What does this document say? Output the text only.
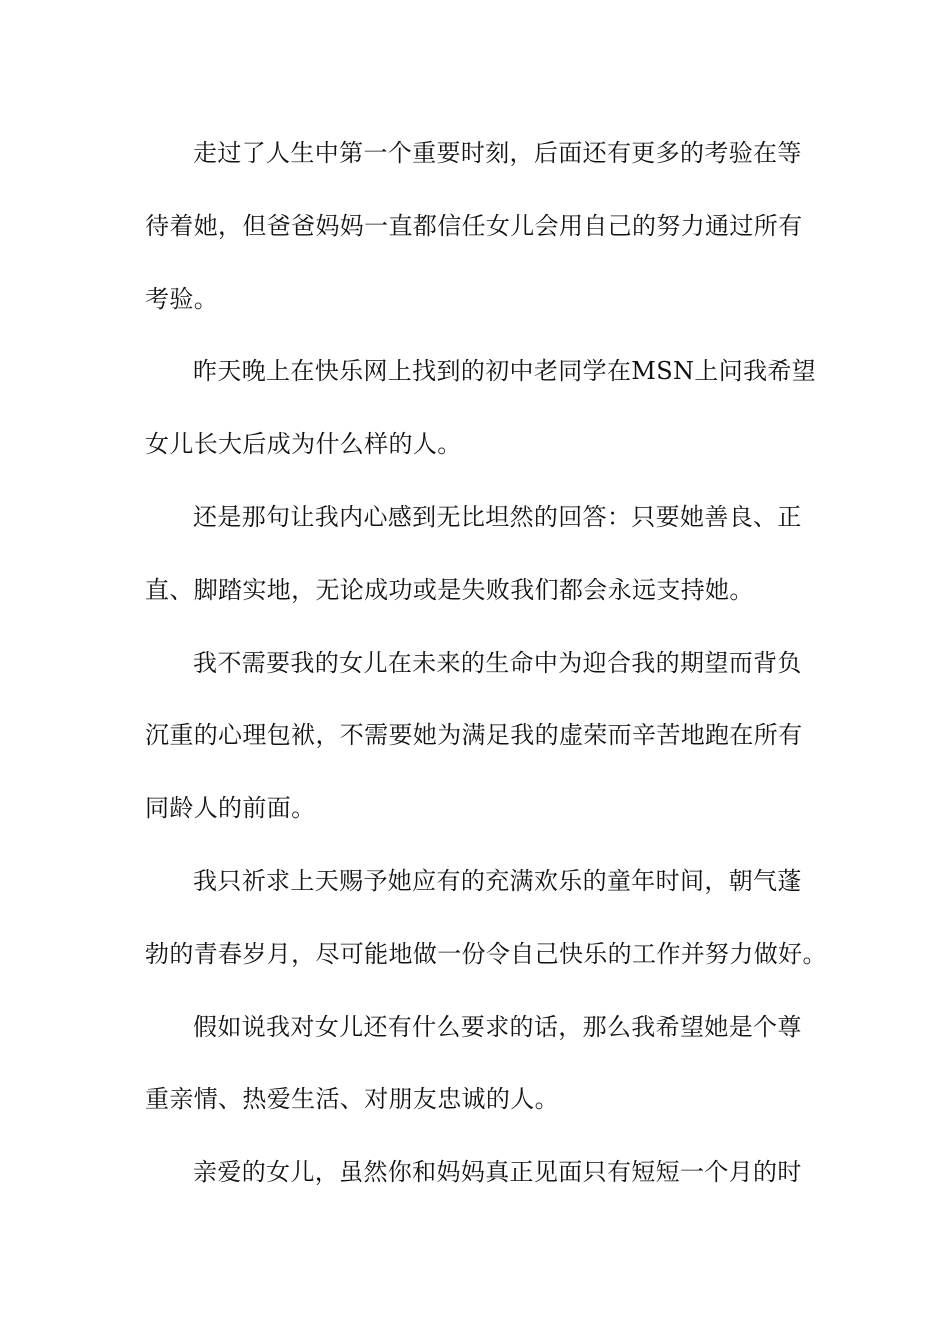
走过了人生中第一个重要时刻，后面还有更多的考验在等
待着她，但爸爸妈妈一直都信任女儿会用自己的努力通过所有
考验。
昨天晚上在快乐网上找到的初中老同学在MSN上问我希望
女儿长大后成为什么样的人。
还是那句让我内心感到无比坦然的回答：只要她善良、正
直、脚踏实地，无论成功或是失败我们都会永远支持她。
我不需要我的女儿在未来的生命中为迎合我的期望而背负
沉重的心理包袱，不需要她为满足我的虚荣而辛苦地跑在所有
同龄人的前面。
我只祈求上天赐予她应有的充满欢乐的童年时间，朝气蓬
勃的青春岁月，尽可能地做一份令自己快乐的工作并努力做好。
假如说我对女儿还有什么要求的话，那么我希望她是个尊
重亲情、热爱生活、对朋友忠诚的人。
亲爱的女儿，虽然你和妈妈真正见面只有短短一个月的时
